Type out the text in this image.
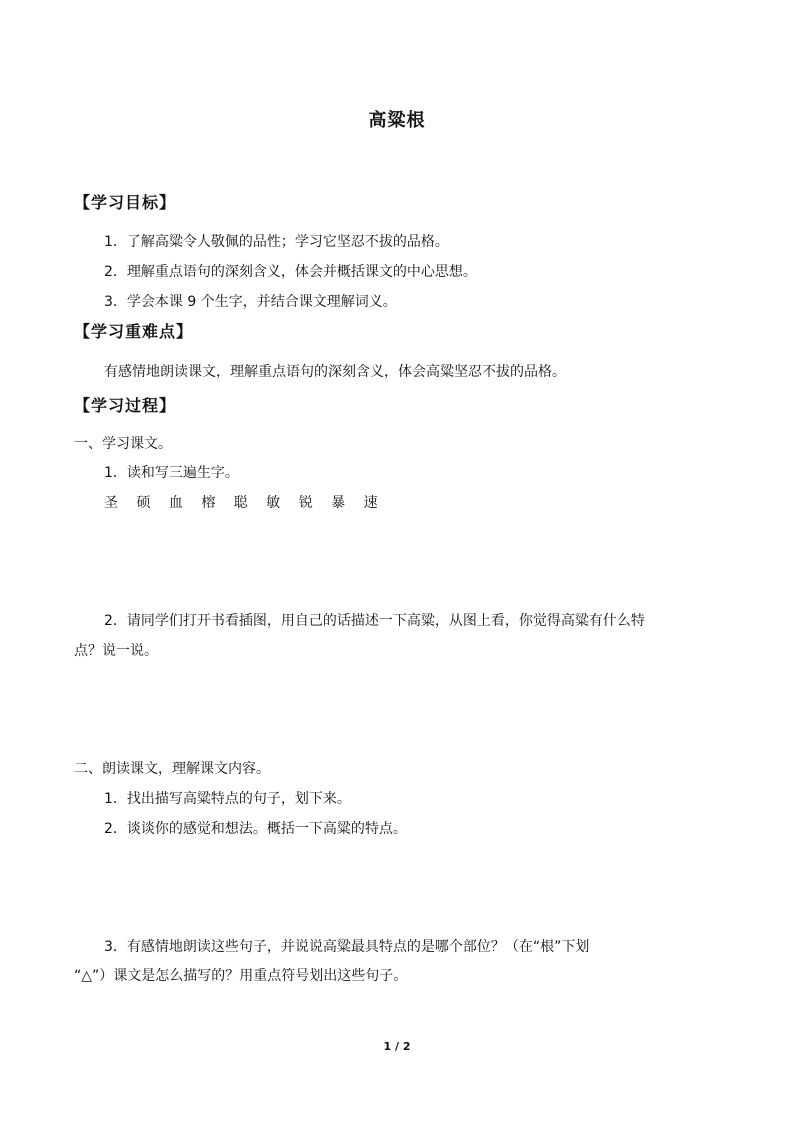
高粱根
【学习目标】
1．了解高粱令人敬佩的品性；学习它坚忍不拔的品格。
2．理解重点语句的深刻含义，体会并概括课文的中心思想。
3．学会本课 9 个生字，并结合课文理解词义。
【学习重难点】
有感情地朗读课文，理解重点语句的深刻含义，体会高粱坚忍不拔的品格。
【学习过程】
一、学习课文。
1．读和写三遍生字。
圣 硕 血 榕 聪 敏 锐 暴 速
2．请同学们打开书看插图，用自己的话描述一下高粱，从图上看，你觉得高粱有什么特
点？说一说。
二、朗读课文，理解课文内容。
1．找出描写高粱特点的句子，划下来。
2．谈谈你的感觉和想法。概括一下高粱的特点。
3．有感情地朗读这些句子，并说说高粱最具特点的是哪个部位？（在“根”下划
“△”）课文是怎么描写的？用重点符号划出这些句子。
1 / 2
